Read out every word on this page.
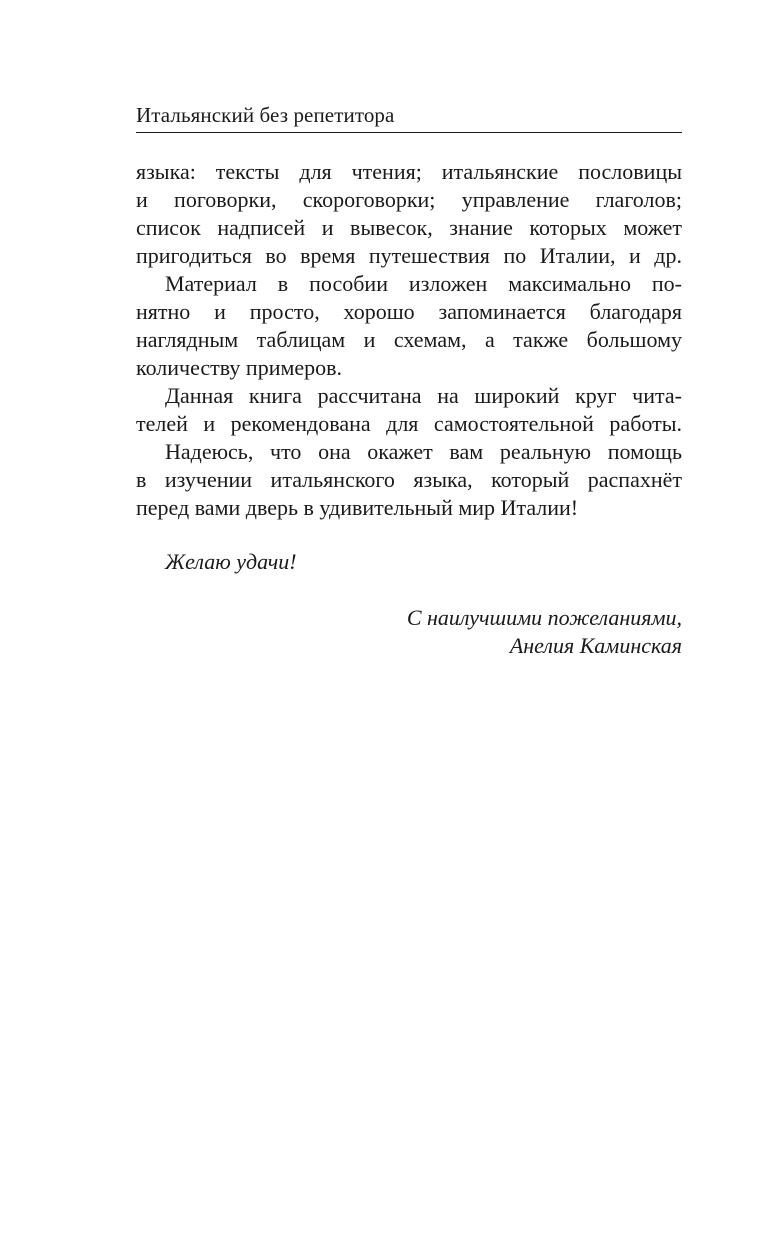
Итальянский без репетитора
языка: тексты для чтения; итальянские пословицы
и поговорки, скороговорки; управление глаголов;
список надписей и вывесок, знание которых может
пригодиться во время путешествия по Италии, и др.
Материал в пособии изложен максимально по-
нятно и просто, хорошо запоминается благодаря
наглядным таблицам и схемам, а также большому
количеству примеров.
Данная книга рассчитана на широкий круг чита-
телей и рекомендована для самостоятельной работы.
Надеюсь, что она окажет вам реальную помощь
в изучении итальянского языка, который распахнёт
перед вами дверь в удивительный мир Италии!
Желаю удачи!
С наилучшими пожеланиями,
Анелия Каминская
